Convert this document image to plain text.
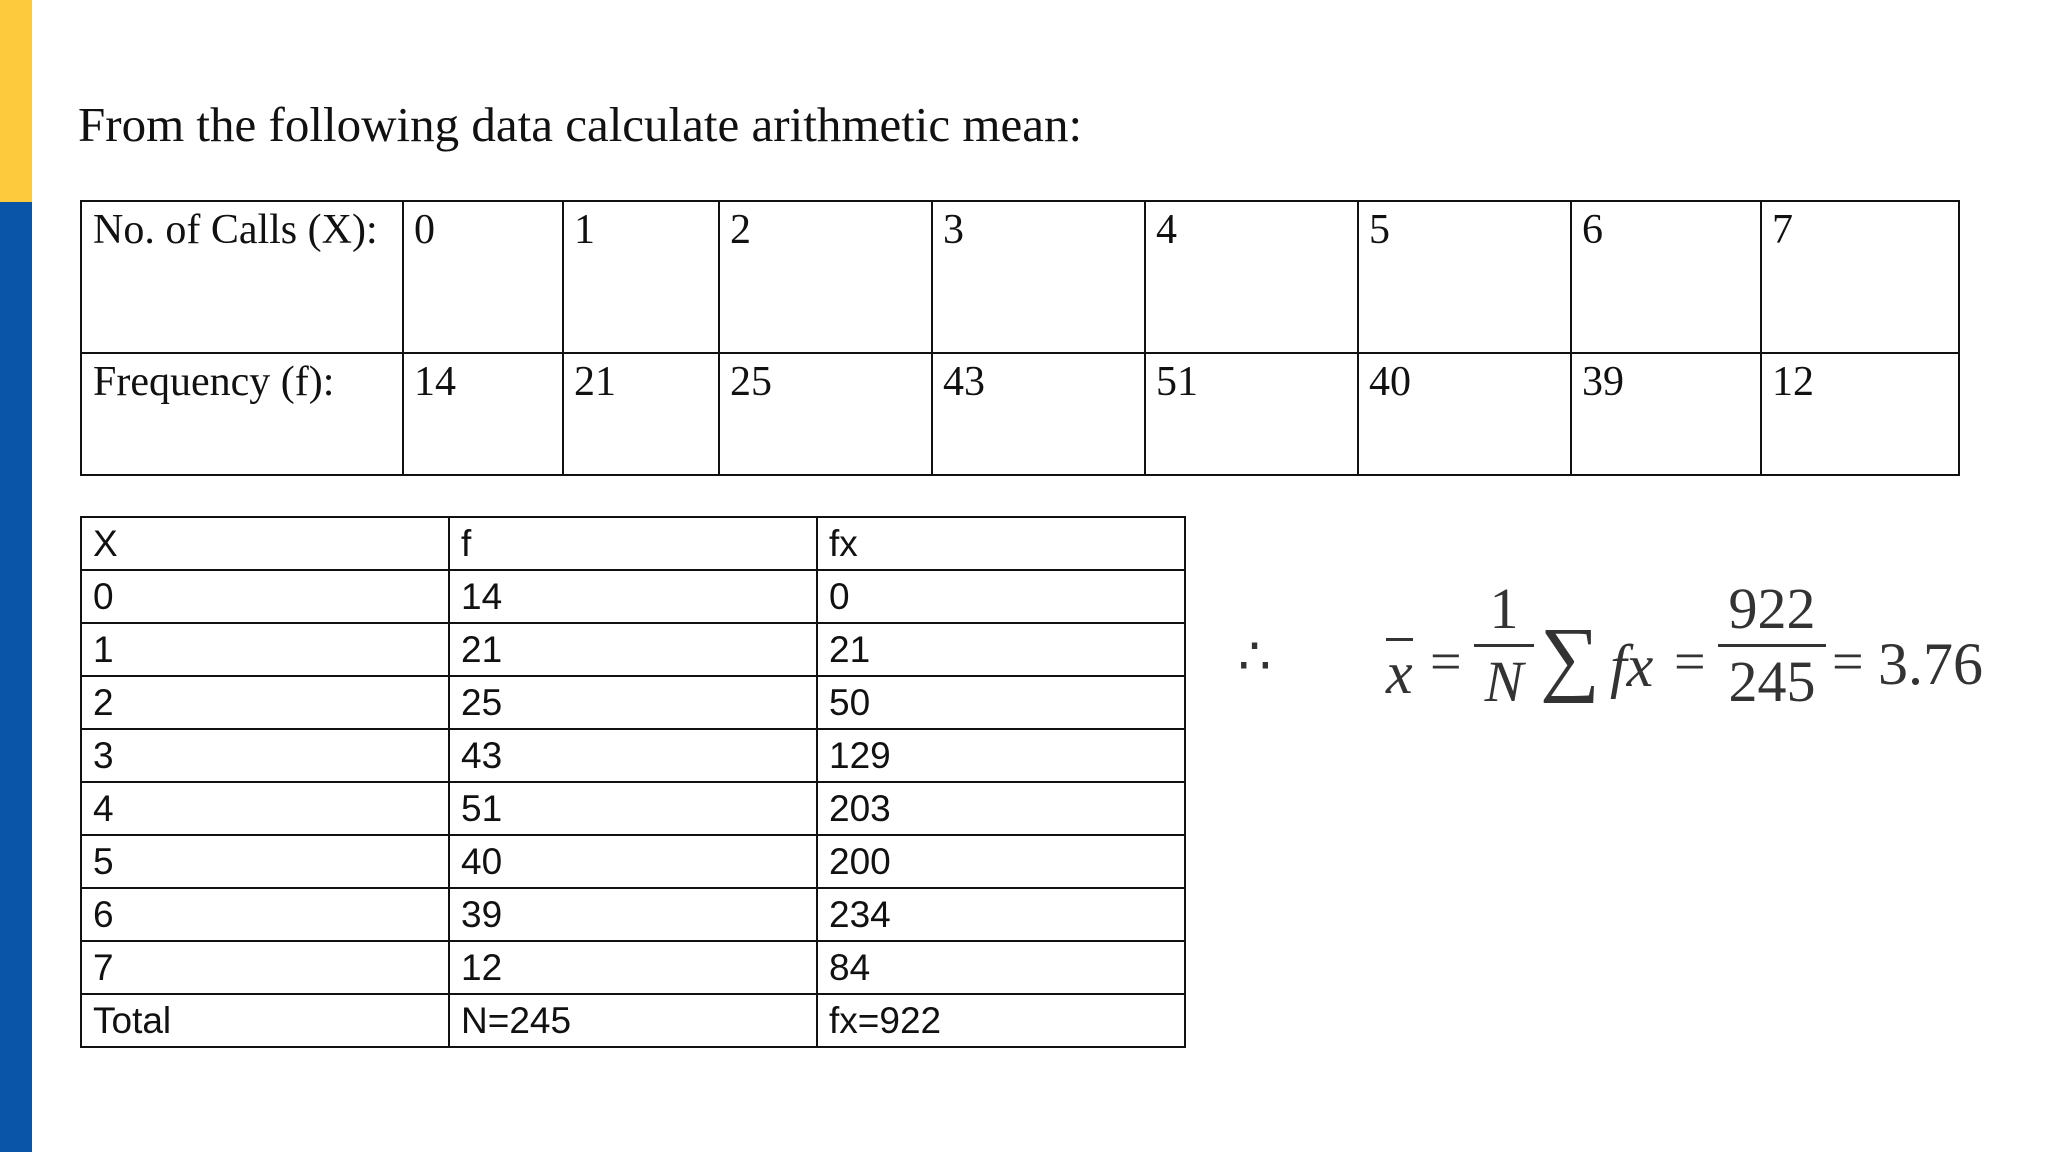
From the following data calculate arithmetic mean:
No. of Calls (X):	0	1	2	3	4	5	6	7
Frequency (f):	14	21	25	43	51	40	39	12
X	f	fx
0	14	0
1	21	21
2	25	50
3	43	129
4	51	203
5	40	200
6	39	234
7	12	84
Total	N=245	fx=922
∴ x =
1
N ∑ fx =
922
245 = 3.76
